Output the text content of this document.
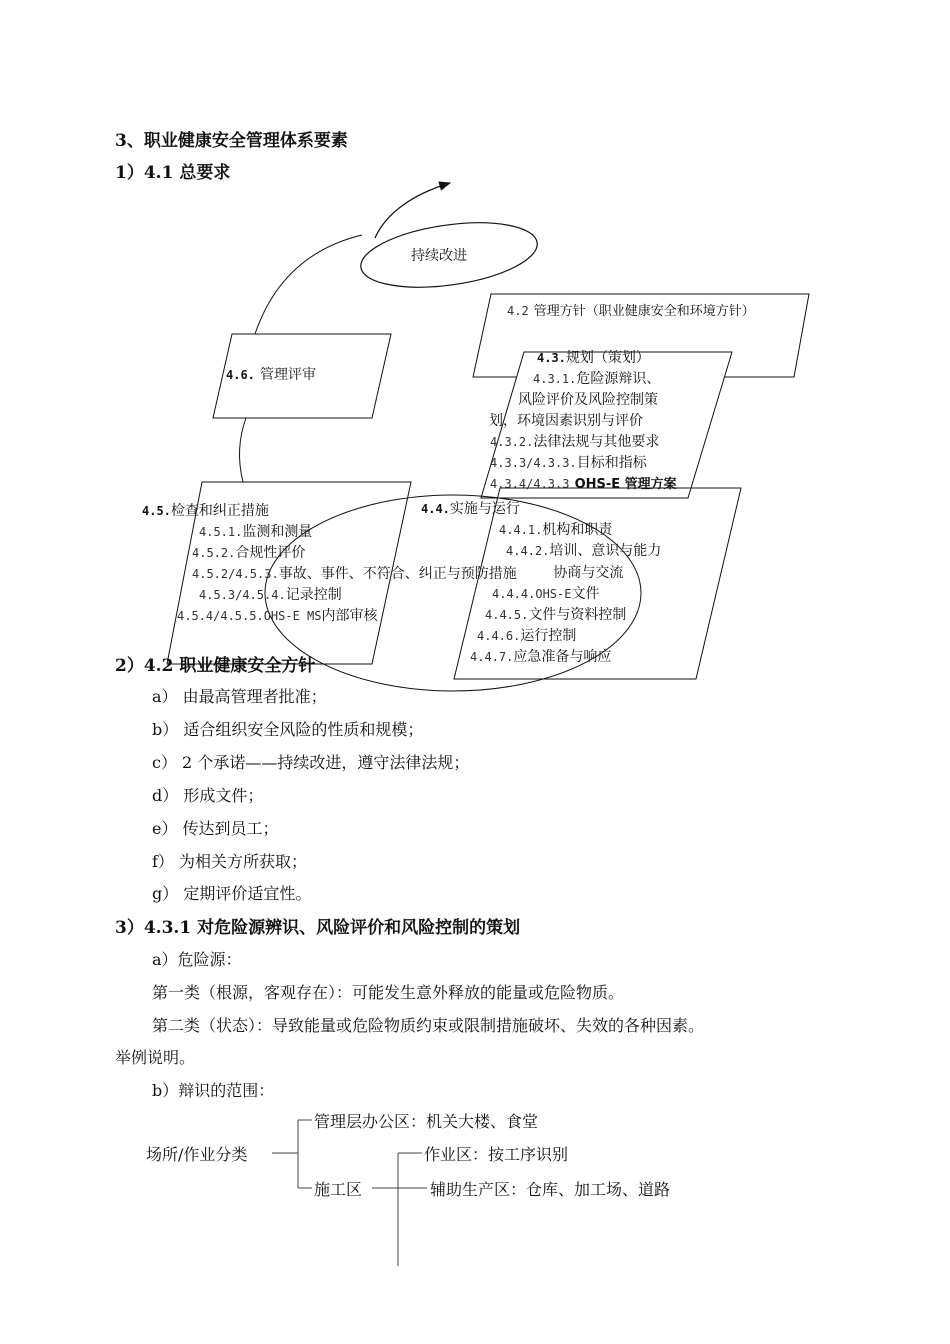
3、职业健康安全管理体系要素
1）4.1 总要求
持续改进
4.2 管理方针（职业健康安全和环境方针）
4.3.规划（策划）
4.3.1.危险源辩识、
风险评价及风险控制策
划，环境因素识别与评价
4.3.2.法律法规与其他要求
4.3.3/4.3.3.目标和指标
4.3.4/4.3.3 OHS-E 管理方案
4.6. 管理评审
4.5.检查和纠正措施
4.5.1.监测和测量
4.5.2.合规性评价
4.5.2/4.5.3.事故、事件、不符合、纠正与预防措施
4.5.3/4.5.4.记录控制
4.5.4/4.5.5.OHS-E MS内部审核
4.4.实施与运行
4.4.1.机构和职责
4.4.2.培训、意识与能力
协商与交流
4.4.4.OHS-E文件
4.4.5.文件与资料控制
4.4.6.运行控制
4.4.7.应急准备与响应
2）4.2 职业健康安全方针
a） 由最高管理者批准；
b） 适合组织安全风险的性质和规模；
c） 2 个承诺——持续改进，遵守法律法规；
d） 形成文件；
e） 传达到员工；
f） 为相关方所获取；
g） 定期评价适宜性。
3）4.3.1 对危险源辨识、风险评价和风险控制的策划
a）危险源：
第一类（根源，客观存在）：可能发生意外释放的能量或危险物质。
第二类（状态）：导致能量或危险物质约束或限制措施破坏、失效的各种因素。
举例说明。
b）辩识的范围：
场所/作业分类
管理层办公区：机关大楼、食堂
施工区
作业区：按工序识别
辅助生产区：仓库、加工场、道路
